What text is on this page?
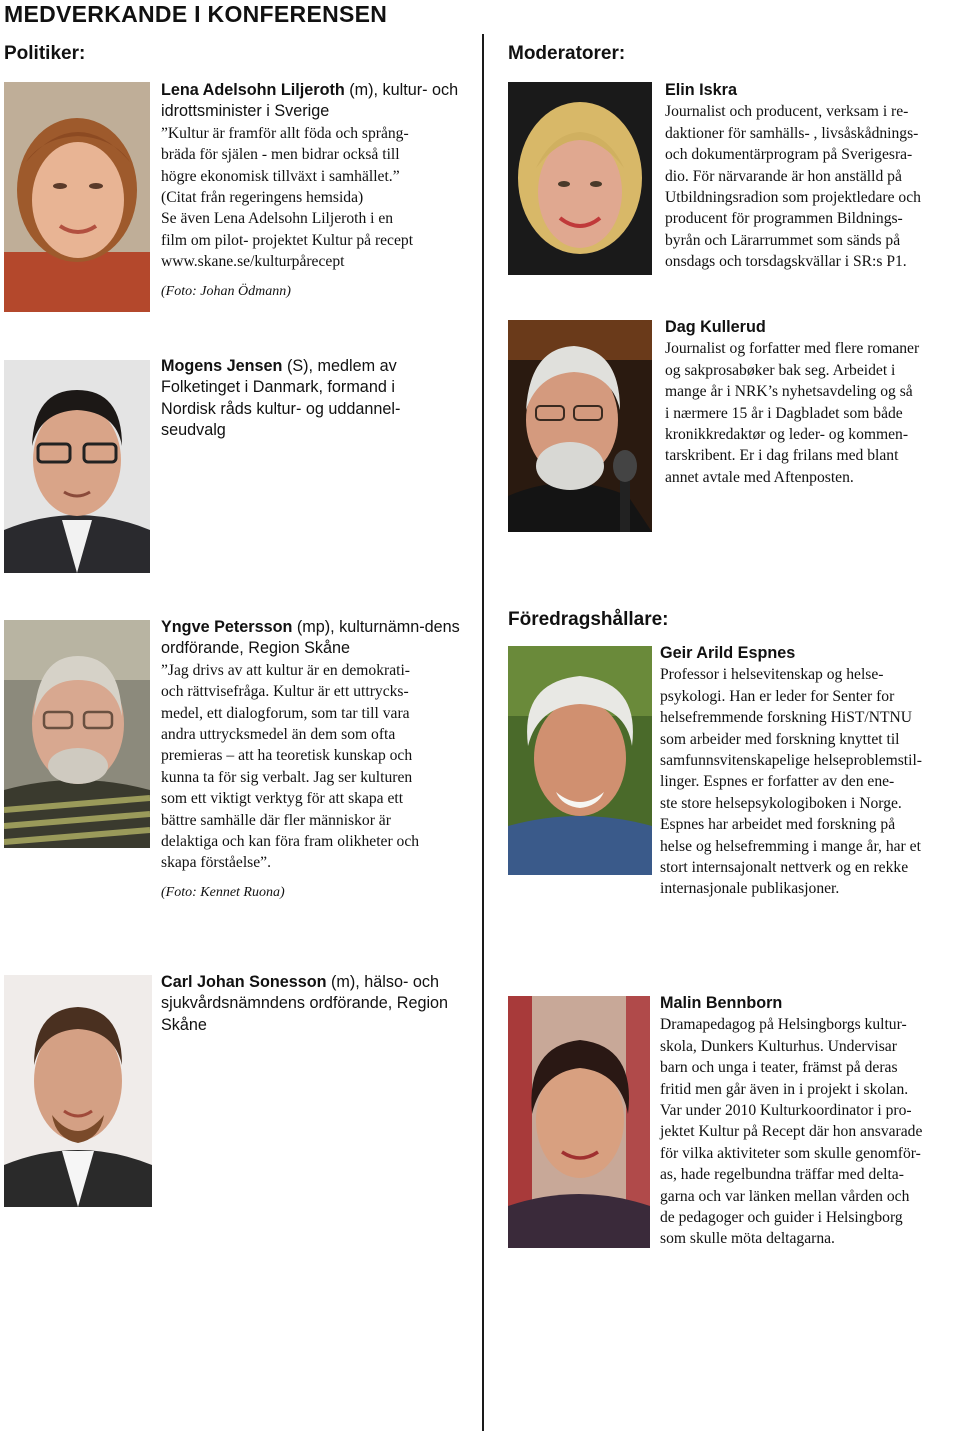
MEDVERKANDE I KONFERENSEN
Politiker:	Moderatorer:
Föredragshållare:

Lena Adelsohn Liljeroth (m), kultur- och idrottsminister i Sverige

”Kultur är framför allt föda och språng-

bräda för själen - men bidrar också till

högre ekonomisk tillväxt i samhället.”

(Citat från regeringens hemsida)

Se även Lena Adelsohn Liljeroth i en

film om pilot- projektet Kultur på recept

www.skane.se/kulturpårecept

(Foto: Johan Ödmann)

Mogens Jensen (S), medlem av Folketinget i Danmark, formand i Nordisk råds kultur- og uddannel-seudvalg

Yngve Petersson (mp), kulturnämn-dens ordförande, Region Skåne

”Jag drivs av att kultur är en demokrati-

och rättvisefråga. Kultur är ett uttrycks-

medel, ett dialogforum, som tar till vara

andra uttrycksmedel än dem som ofta

premieras – att ha teoretisk kunskap och

kunna ta för sig verbalt. Jag ser kulturen

som ett viktigt verktyg för att skapa ett

bättre samhälle där fler människor är

delaktiga och kan föra fram olikheter och

skapa förståelse”.

(Foto: Kennet Ruona)

Carl Johan Sonesson (m), hälso- och sjukvårdsnämndens ordförande, Region Skåne

Elin Iskra

Journalist och producent, verksam i re-

daktioner för samhälls- , livsåskådnings-

och dokumentärprogram på Sverigesra-

dio. För närvarande är hon anställd på

Utbildningsradion som projektledare och

producent för programmen Bildnings-

byrån och Lärarrummet som sänds på

onsdags och torsdagskvällar i SR:s P1.

Dag Kullerud

Journalist og forfatter med flere romaner

og sakprosabøker bak seg. Arbeidet i

mange år i NRK’s nyhetsavdeling og så

i nærmere 15 år i Dagbladet som både

kronikkredaktør og leder- og kommen-

tarskribent. Er i dag frilans med blant

annet avtale med Aftenposten.

Geir Arild Espnes

Professor i helsevitenskap og helse-

psykologi. Han er leder for Senter for

helsefremmende forskning HiST/NTNU

som arbeider med forskning knyttet til

samfunnsvitenskapelige helseproblemstil-

linger. Espnes er forfatter av den ene-

ste store helsepsykologiboken i Norge.

Espnes har arbeidet med forskning på

helse og helsefremming i mange år, har et

stort internsajonalt nettverk og en rekke

internasjonale publikasjoner.

Malin Bennborn

Dramapedagog på Helsingborgs kultur-

skola, Dunkers Kulturhus. Undervisar

barn och unga i teater, främst på deras

fritid men går även in i projekt i skolan.

Var under 2010 Kulturkoordinator i pro-

jektet Kultur på Recept där hon ansvarade

för vilka aktiviteter som skulle genomför-

as, hade regelbundna träffar med delta-

garna och var länken mellan vården och

de pedagoger och guider i Helsingborg

som skulle möta deltagarna.
